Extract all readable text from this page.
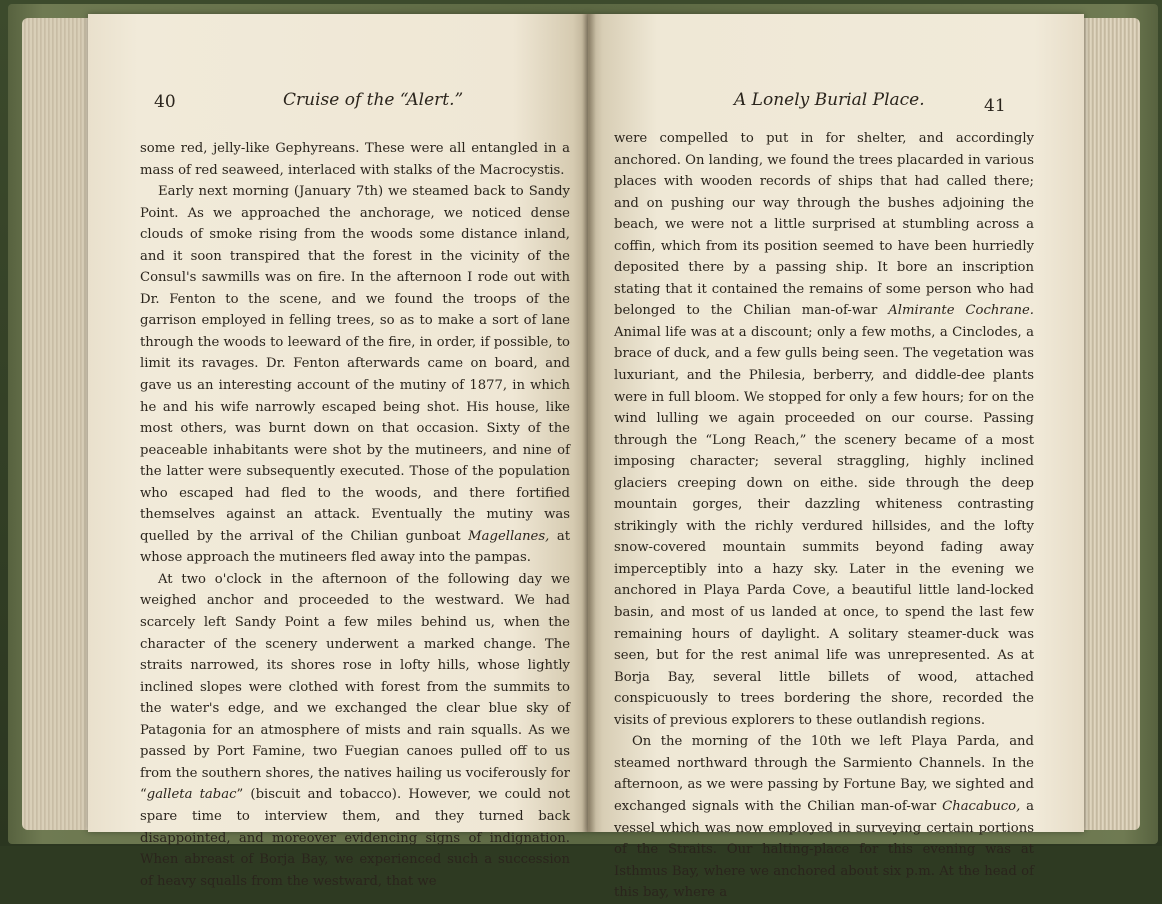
40	Cruise of the “Alert.”

some red, jelly-like Gephyreans. These were all entangled in a mass of red seaweed, interlaced with stalks of the Macrocystis.

Early next morning (January 7th) we steamed back to Sandy Point. As we approached the anchorage, we noticed dense clouds of smoke rising from the woods some distance inland, and it soon transpired that the forest in the vicinity of the Consul's sawmills was on fire. In the afternoon I rode out with Dr. Fenton to the scene, and we found the troops of the garrison employed in felling trees, so as to make a sort of lane through the woods to leeward of the fire, in order, if possible, to limit its ravages. Dr. Fenton afterwards came on board, and gave us an interesting account of the mutiny of 1877, in which he and his wife narrowly escaped being shot. His house, like most others, was burnt down on that occasion. Sixty of the peaceable inhabitants were shot by the mutineers, and nine of the latter were subsequently executed. Those of the population who escaped had fled to the woods, and there fortified themselves against an attack. Eventually the mutiny was quelled by the arrival of the Chilian gunboat Magellanes, at whose approach the mutineers fled away into the pampas.

At two o'clock in the afternoon of the following day we weighed anchor and proceeded to the westward. We had scarcely left Sandy Point a few miles behind us, when the character of the scenery underwent a marked change. The straits narrowed, its shores rose in lofty hills, whose lightly inclined slopes were clothed with forest from the summits to the water's edge, and we exchanged the clear blue sky of Patagonia for an atmosphere of mists and rain squalls. As we passed by Port Famine, two Fuegian canoes pulled off to us from the southern shores, the natives hailing us vociferously for “galleta tabac” (biscuit and tobacco). However, we could not spare time to interview them, and they turned back disappointed, and moreover evidencing signs of indignation. When abreast of Borja Bay, we experienced such a succession of heavy squalls from the westward, that we

A Lonely Burial Place.	41

were compelled to put in for shelter, and accordingly anchored. On landing, we found the trees placarded in various places with wooden records of ships that had called there; and on pushing our way through the bushes adjoining the beach, we were not a little surprised at stumbling across a coffin, which from its position seemed to have been hurriedly deposited there by a passing ship. It bore an inscription stating that it contained the remains of some person who had belonged to the Chilian man-of-war Almirante Cochrane. Animal life was at a discount; only a few moths, a Cinclodes, a brace of duck, and a few gulls being seen. The vegetation was luxuriant, and the Philesia, berberry, and diddle-dee plants were in full bloom. We stopped for only a few hours; for on the wind lulling we again proceeded on our course. Passing through the “Long Reach,” the scenery became of a most imposing character; several straggling, highly inclined glaciers creeping down on eithe. side through the deep mountain gorges, their dazzling whiteness contrasting strikingly with the richly verdured hillsides, and the lofty snow-covered mountain summits beyond fading away imperceptibly into a hazy sky. Later in the evening we anchored in Playa Parda Cove, a beautiful little land-locked basin, and most of us landed at once, to spend the last few remaining hours of daylight. A solitary steamer-duck was seen, but for the rest animal life was unrepresented. As at Borja Bay, several little billets of wood, attached conspicuously to trees bordering the shore, recorded the visits of previous explorers to these outlandish regions.

On the morning of the 10th we left Playa Parda, and steamed northward through the Sarmiento Channels. In the afternoon, as we were passing by Fortune Bay, we sighted and exchanged signals with the Chilian man-of-war Chacabuco, a vessel which was now employed in surveying certain portions of the Straits. Our halting-place for this evening was at Isthmus Bay, where we anchored about six p.m. At the head of this bay, where a
